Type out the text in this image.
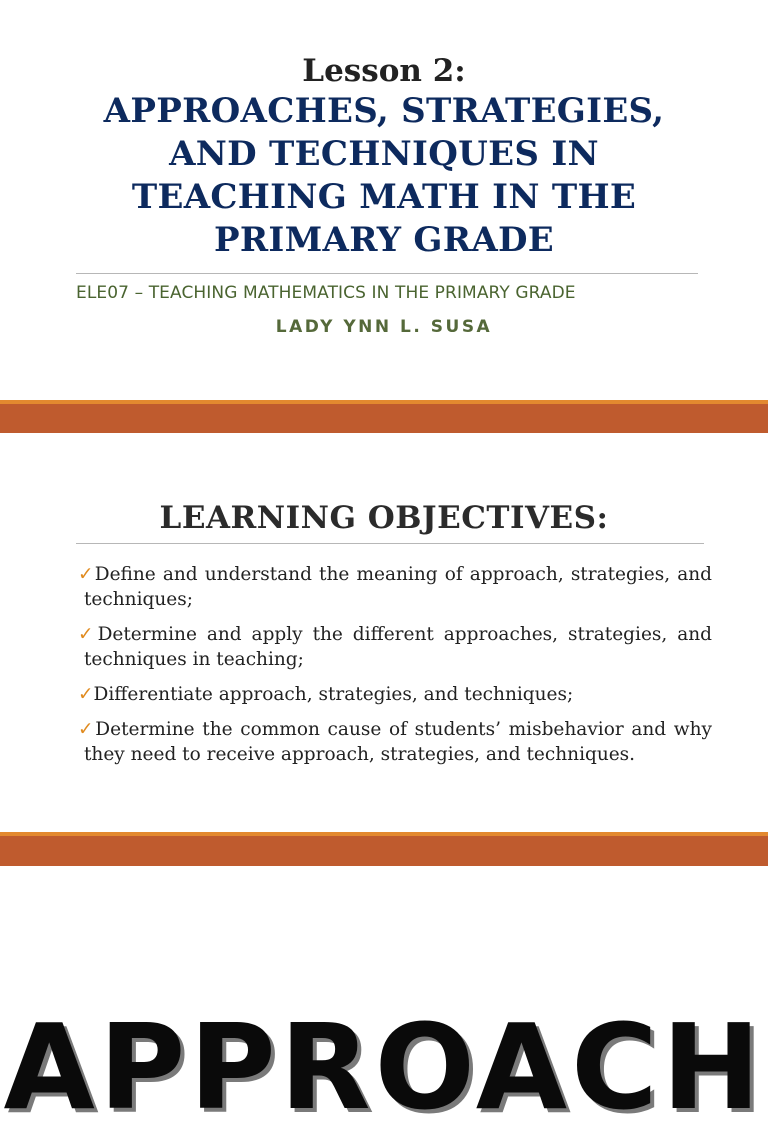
Lesson 2:
APPROACHES, STRATEGIES,
AND TECHNIQUES IN
TEACHING MATH IN THE
PRIMARY GRADE
ELE07 – TEACHING MATHEMATICS IN THE PRIMARY GRADE
LADY YNN L. SUSA
LEARNING OBJECTIVES:
✓Define and understand the meaning of approach, strategies, and techniques;
✓Determine and apply the different approaches, strategies, and techniques in teaching;
✓Differentiate approach, strategies, and techniques;
✓Determine the common cause of students’ misbehavior and why they need to receive approach, strategies, and techniques.
APPROACH
